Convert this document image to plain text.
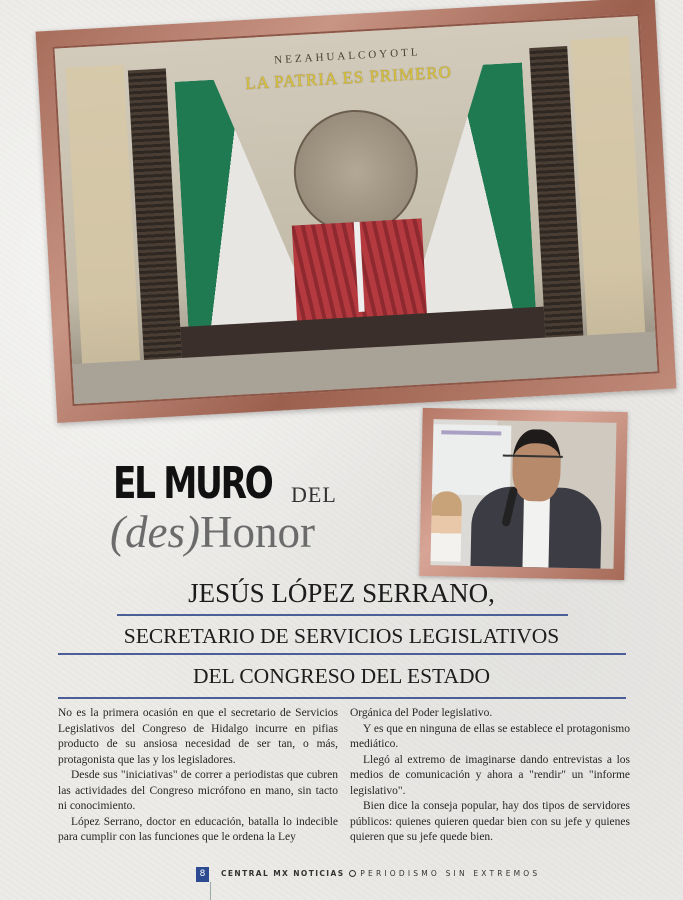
NEZAHUALCOYOTL
LA PATRIA ES PRIMERO
EL MURO DEL
(des)Honor
JESÚS LÓPEZ SERRANO,
SECRETARIO DE SERVICIOS LEGISLATIVOS
DEL CONGRESO DEL ESTADO

No es la primera ocasión en que el secretario de Servicios Legislativos del Congreso de Hidalgo incurre en pifias producto de su ansiosa necesidad de ser tan, o más, protagonista que las y los legisladores.

Desde sus "iniciativas" de correr a periodistas que cubren las actividades del Congreso micrófono en mano, sin tacto ni conocimiento.

López Serrano, doctor en educación, batalla lo indecible para cumplir con las funciones que le ordena la Ley

Orgánica del Poder legislativo.

Y es que en ninguna de ellas se establece el protagonismo mediático.

Llegó al extremo de imaginarse dando entrevistas a los medios de comunicación y ahora a "rendir" un "informe legislativo".

Bien dice la conseja popular, hay dos tipos de servidores públicos: quienes quieren quedar bien con su jefe y quienes quieren que su jefe quede bien.

8	CENTRAL MX NOTICIAS PERIODISMO SIN EXTREMOS
